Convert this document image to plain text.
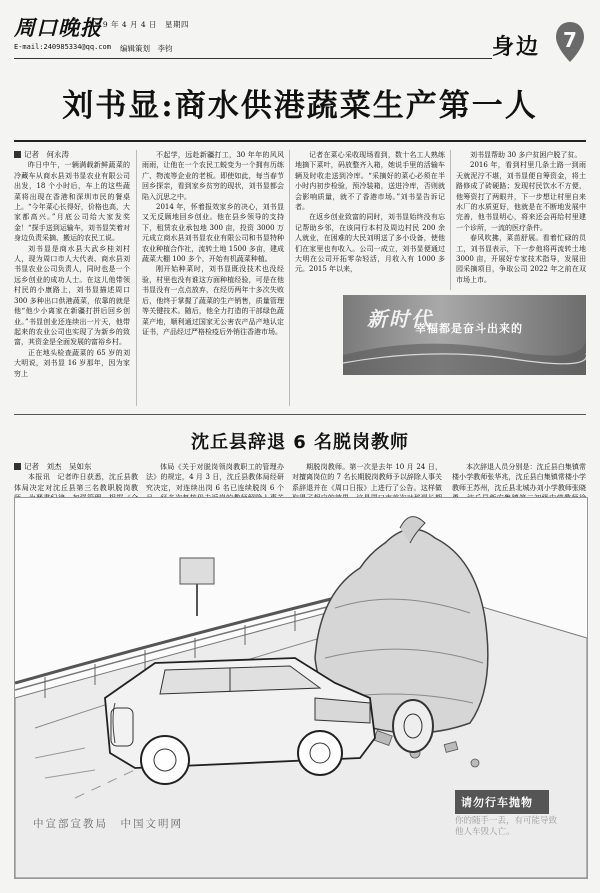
周口晚报
2019 年 4 月 4 日　星期四
E-mail:240985334@qq.com 编辑策划　李钧	身边	7
刘书显:商水供港蔬菜生产第一人

记者　何永涛

昨日中午，一辆满载新鲜蔬菜的冷藏车从商水县刘书显农业有限公司出发，18 个小时后，车上的这些蔬菜将出现在香港和深圳市民的餐桌上。“今年菜心长得好，价格也高，大家都高兴。”月底公司给大家发奖金！“探手送到运输车，刘书显笑着对身边负责采摘、搬运的农民工说。

刘书显是商水县大武乡桂刘村人，现为周口市人大代表、商水县刘书显农业公司负责人，同时也是一个远乡创业的成功人士。在这儿他带领村民的小康路上，刘书显描述周口 300 多种出口供港蔬菜，依靠的就是他“他少小离家在新疆打拼后回乡创业。”书显创业还连续出一片天，他带起来的农业公司也实现了为新乡的致富，其资金是全面发展的富裕乡村。

正在地头检查蔬菜的 65 岁的刘大明说，刘书显 16 岁那年，因为家穷上

不起学，远赴新疆打工，30 年年的风风雨雨，让他在一个农民工蜕变为一个拥有历练广、物流等企业的老板。即使如此，每当春节回乡探亲，看到家乡贫穷的现状，刘书显都会陷入沉思之中。

2014 年，怀着报效家乡的决心，刘书显又无反顾地回乡创业。他在县乡领导的支持下，租赁农业承包地 300 亩，投资 3000 万元成立商水县刘书显农业有限公司和书显特种农业种植合作社，流转土地 1500 多亩，建成蔬菜大棚 100 多个，开始有机蔬菜种植。

刚开始种菜时，刘书显既没技术也没经验，村里也没有谁这方面种植经验，可是在他书显没有一点点放弃，在经历两年十多次失败后，他终于掌握了蔬菜的生产销售，质量管理等关键技术。随后，他全力打造的干部绿色蔬菜产地，顺利通过国家无公害农产品产地认定证书，产品经过严格检疫后外销往香港市场。

记者在菜心采收现场看到，数十名工人熟练地摘下菜叶，码放整齐入箱，她说手里的活输车辆及时收走送到冷库。“采摘好的菜心必须在半小时内初步检验，预冷装箱，送进冷库，否则就会影响质量，就不了香港市场。”刘书显告诉记者。

在返乡创业致富的同时，刘书显始终没有忘记帮助乡邻，在该同行本村及周边村民 200 余人就业，在困难的大民刘明送了多小设备，使他们在家里也有收入。公司一成立，刘书显便通过大明在公司开拓零杂轻活，月收入有 1000 多元。2015 年以来，

刘书显帮助 30 多户贫困户脱了贫。

2016 年，看到村里几条土路一到雨天就泥泞不堪，刘书显便自筹资金，将土路修成了砖硬路；发现村民饮水不方便，他筹资打了两眼井，下一步想让村里自来水厂的水质更好，他就是在不断地发展中完善，他书显明心，将来还会再给村里建一个诊所，一流的医疗条件。

春风吹拂，菜苗舒展。看着忙碌的员工，刘书显表示，下一步他将再流转土地 3000 亩，开展好专家技术指导，发展田园采摘项目，争取公司 2022 年之前在双市场上市。

新时代
幸福都是奋斗出来的
沈丘县辞退 6 名脱岗教师

记者　刘杰　吴如东

本报讯　记者昨日获悉，沈丘县教体局决定对沈丘县第三名教职脱岗教

体局《关于对脱岗领岗教职工的管理办法》的规定，4 月 3 日，沈丘县教体局经研究决定，对连续出岗 6 名已连续脱岗 6 个

期脱岗教师。第一次是去年 10 月 24 日，对擅离岗位的 7 名长期脱岗教师予以辞除人事关系辞退并在《周口日报》上进行了公告。这样做

本次辞退人员分别是：沈丘县白集镇常楼小学教师张华兆，沈丘县白集镇常楼小学教师王苏州，沈丘县北城办刘小学教师张晓

中宣部宣教局　中国文明网
请勿行车抛物
你的随手一丢，有可能导致他人车毁人亡。
